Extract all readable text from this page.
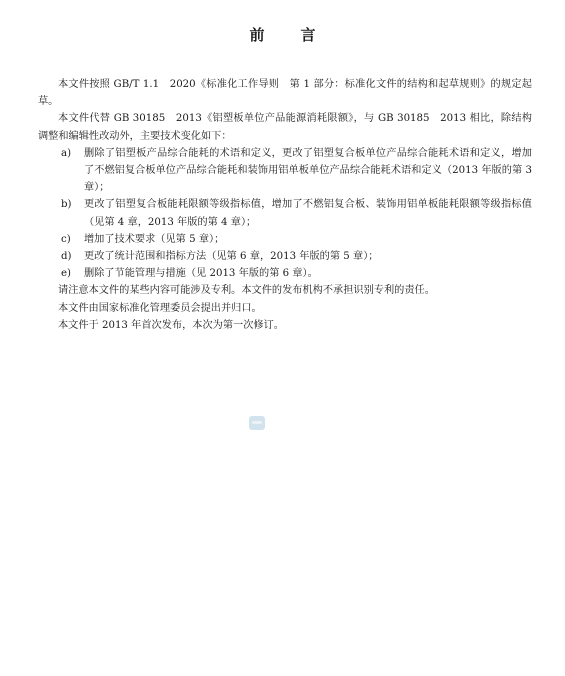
前 言

本文件按照 GB/T 1.1　2020《标准化工作导则　第 1 部分：标准化文件的结构和起草规则》的规定起草。

本文件代替 GB 30185　2013《铝塑板单位产品能源消耗限额》，与 GB 30185　2013 相比，除结构调整和编辑性改动外，主要技术变化如下：

a) 删除了铝塑板产品综合能耗的术语和定义，更改了铝塑复合板单位产品综合能耗术语和定义，增加了不燃铝复合板单位产品综合能耗和装饰用铝单板单位产品综合能耗术语和定义（2013 年版的第 3 章）；

b) 更改了铝塑复合板能耗限额等级指标值，增加了不燃铝复合板、装饰用铝单板能耗限额等级指标值（见第 4 章，2013 年版的第 4 章）；

c) 增加了技术要求（见第 5 章）；

d) 更改了统计范围和指标方法（见第 6 章，2013 年版的第 5 章）；

e) 删除了节能管理与措施（见 2013 年版的第 6 章）。

请注意本文件的某些内容可能涉及专利。本文件的发布机构不承担识别专利的责任。

本文件由国家标准化管理委员会提出并归口。

本文件于 2013 年首次发布，本次为第一次修订。
